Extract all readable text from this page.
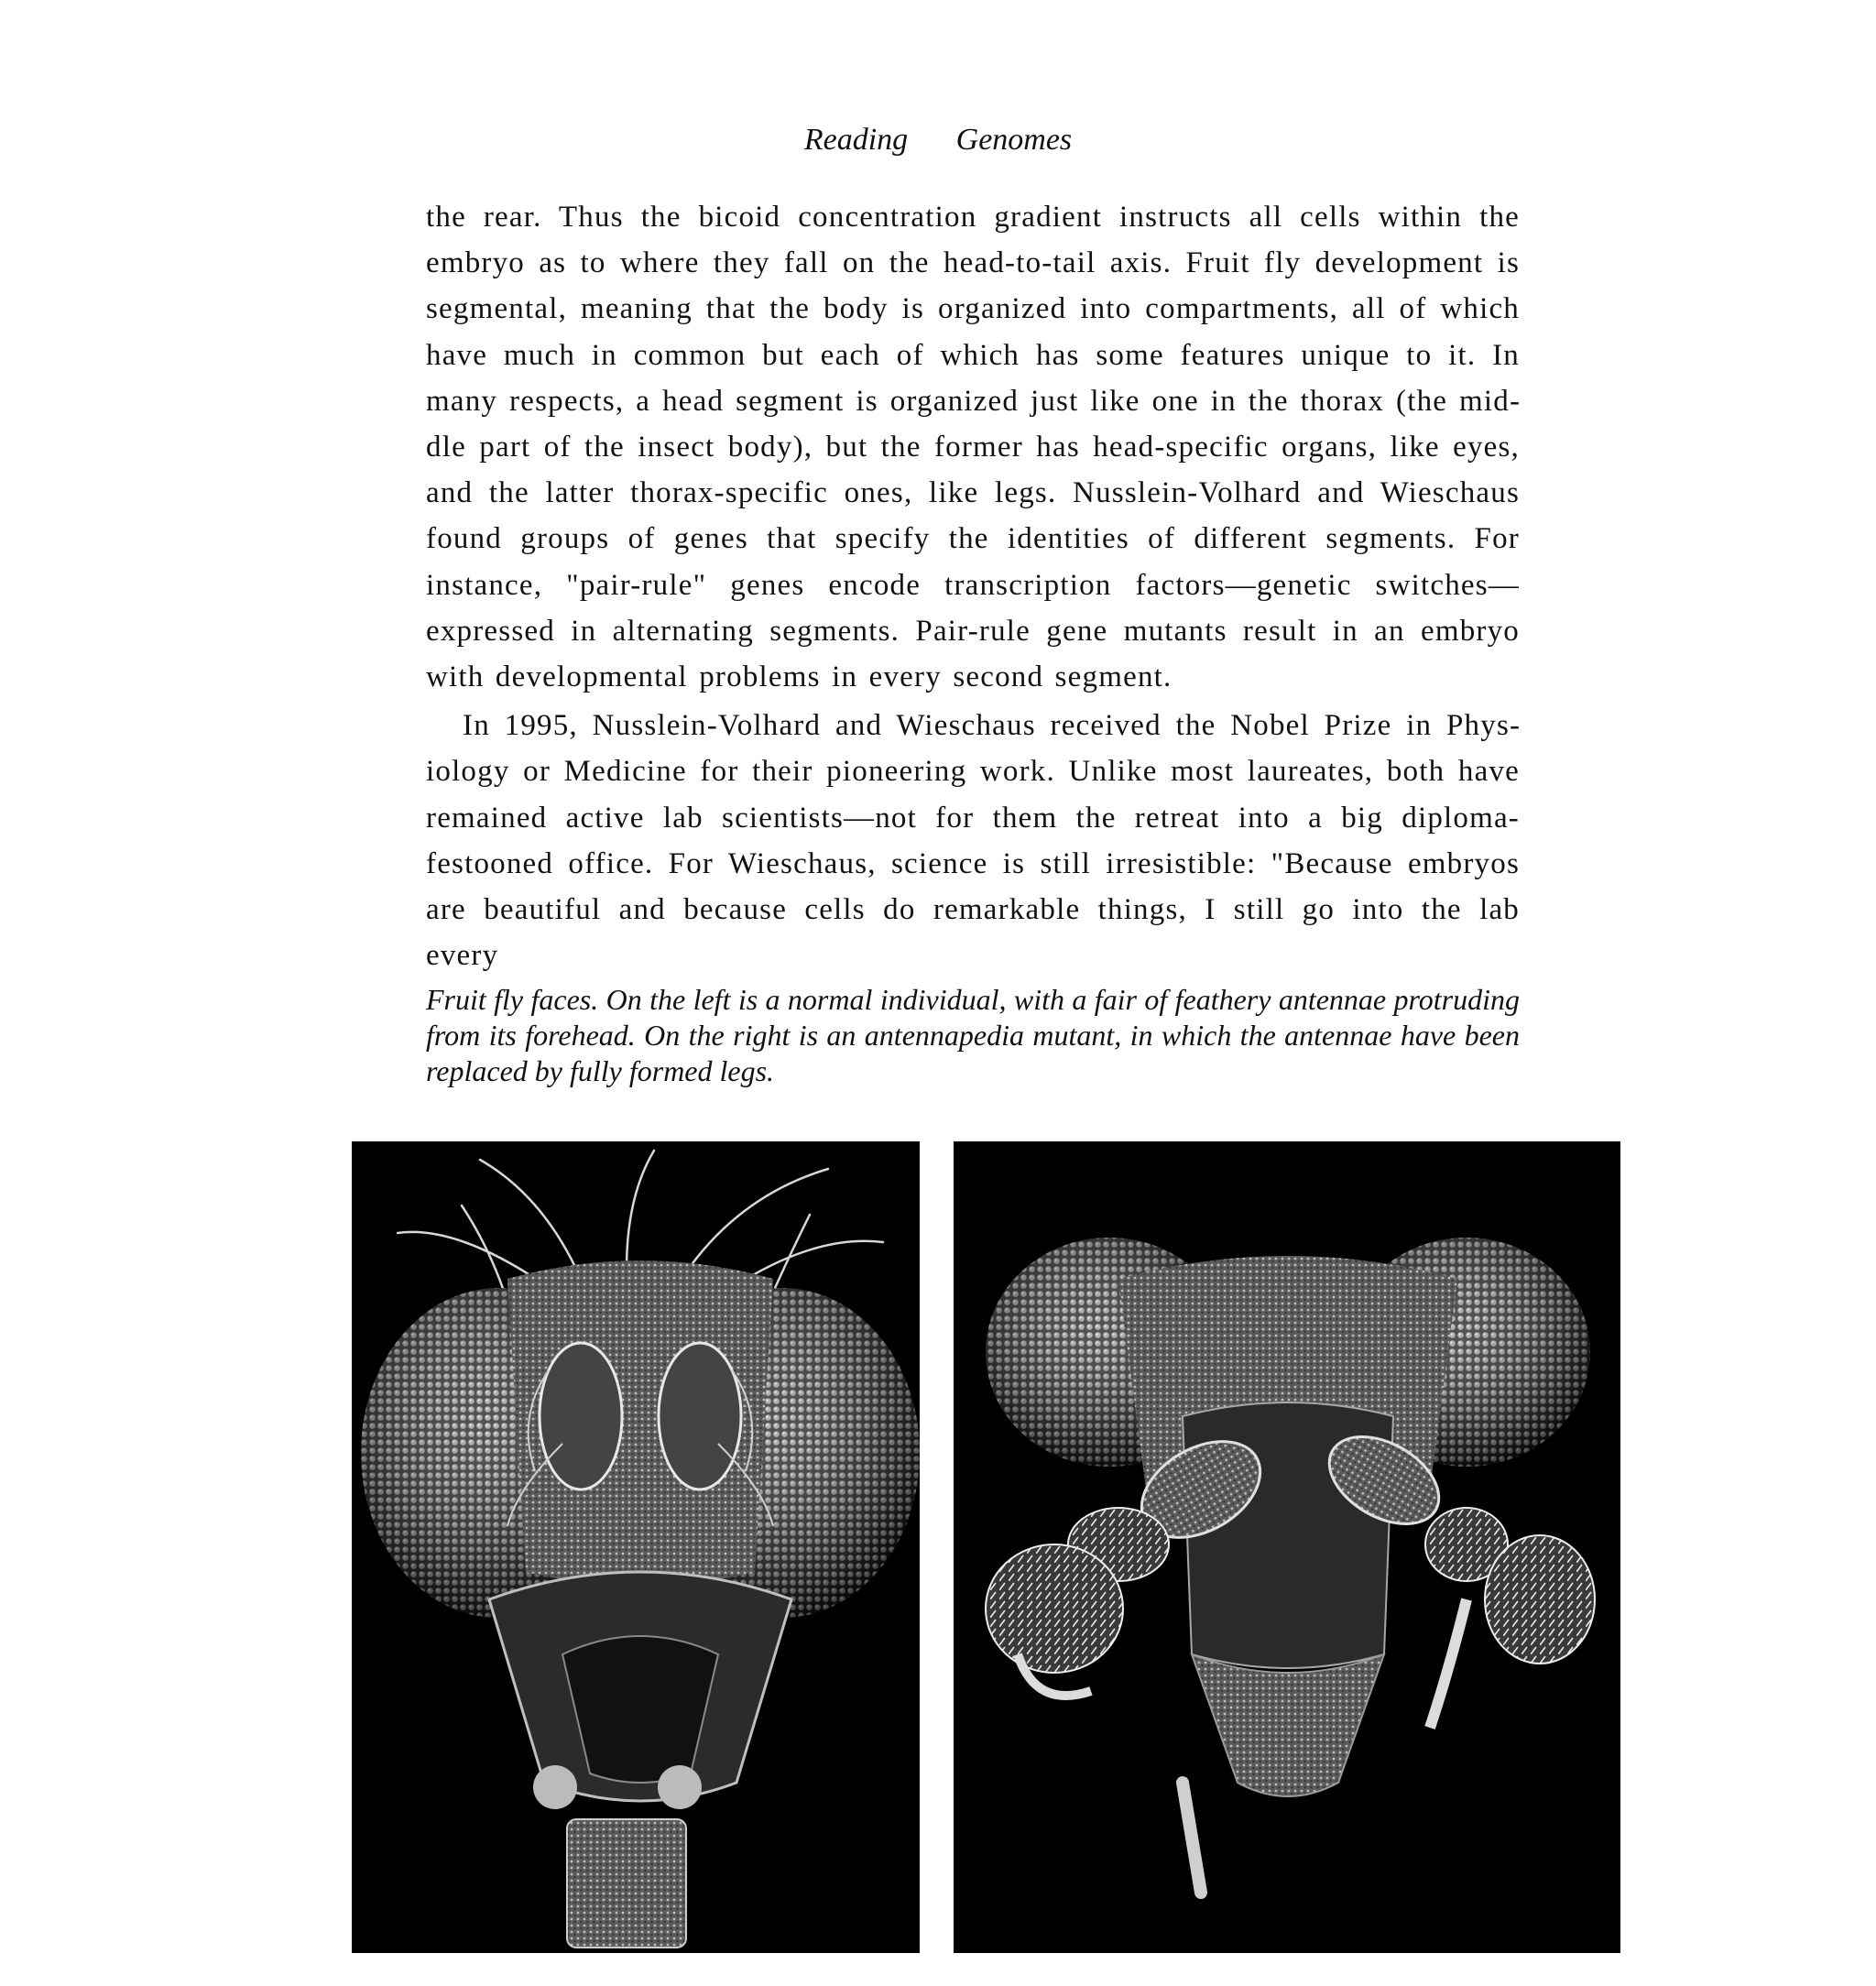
Reading Genomes

the rear. Thus the bicoid concentration gradient instructs all cells within the embryo as to where they fall on the head-to-tail axis. Fruit fly development is segmental, meaning that the body is organized into compartments, all of which have much in common but each of which has some features unique to it. In many respects, a head segment is organized just like one in the thorax (the middle part of the insect body), but the former has head-specific organs, like eyes, and the latter thorax-specific ones, like legs. Nusslein-Volhard and Wieschaus found groups of genes that specify the identities of different segments. For instance, "pair-rule" genes encode transcription factors—genetic switches— expressed in alternating segments. Pair-rule gene mutants result in an embryo with developmental problems in every second segment.

In 1995, Nusslein-Volhard and Wieschaus received the Nobel Prize in Physiology or Medicine for their pioneering work. Unlike most laureates, both have remained active lab scientists—not for them the retreat into a big diploma-festooned office. For Wieschaus, science is still irresistible: "Because embryos are beautiful and because cells do remarkable things, I still go into the lab every

Fruit fly faces. On the left is a normal individual, with a fair of feathery antennae protruding from its forehead. On the right is an antennapedia mutant, in which the antennae have been replaced by fully formed legs.
